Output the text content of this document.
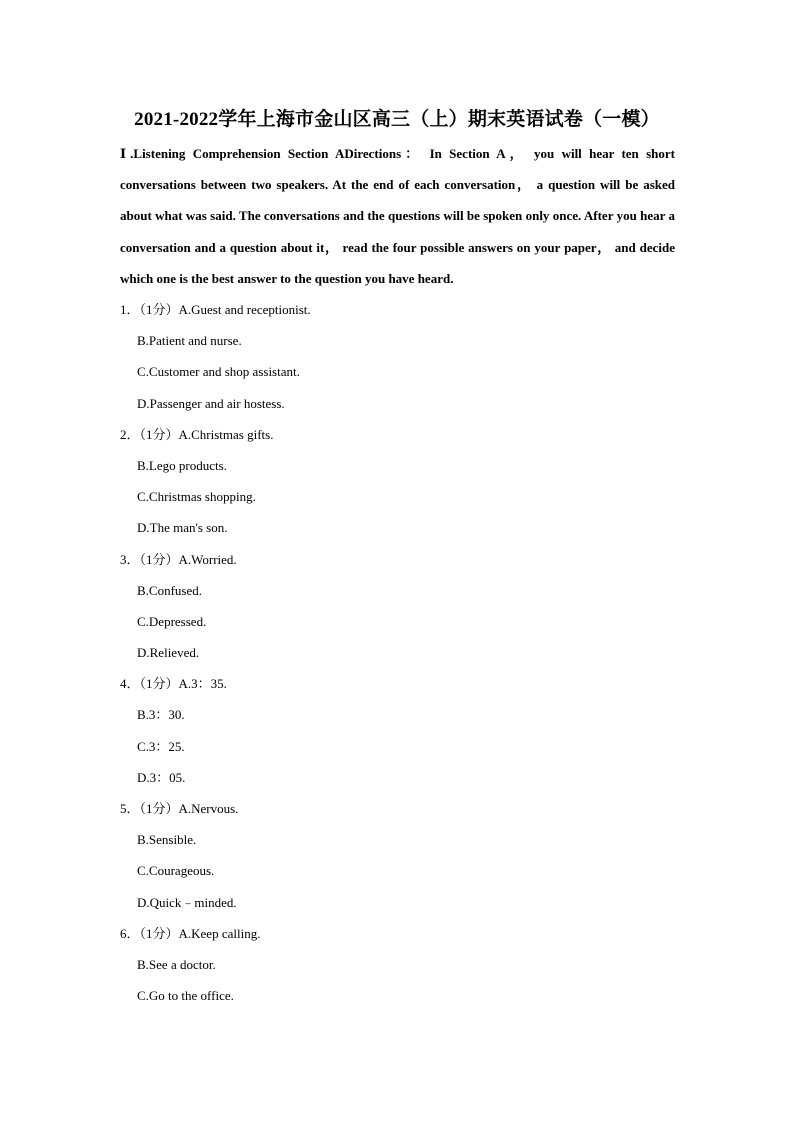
2021-2022学年上海市金山区高三（上）期末英语试卷（一模）
Ⅰ.Listening Comprehension Section ADirections： In Section A， you will hear ten short conversations between two speakers. At the end of each conversation， a question will be asked about what was said. The conversations and the questions will be spoken only once. After you hear a conversation and a question about it， read the four possible answers on your paper， and decide which one is the best answer to the question you have heard.
1．（1分）A.Guest and receptionist.
B.Patient and nurse.
C.Customer and shop assistant.
D.Passenger and air hostess.
2．（1分）A.Christmas gifts.
B.Lego products.
C.Christmas shopping.
D.The man's son.
3．（1分）A.Worried.
B.Confused.
C.Depressed.
D.Relieved.
4．（1分）A.3：35.
B.3：30.
C.3：25.
D.3：05.
5．（1分）A.Nervous.
B.Sensible.
C.Courageous.
D.Quick﹣minded.
6．（1分）A.Keep calling.
B.See a doctor.
C.Go to the office.
